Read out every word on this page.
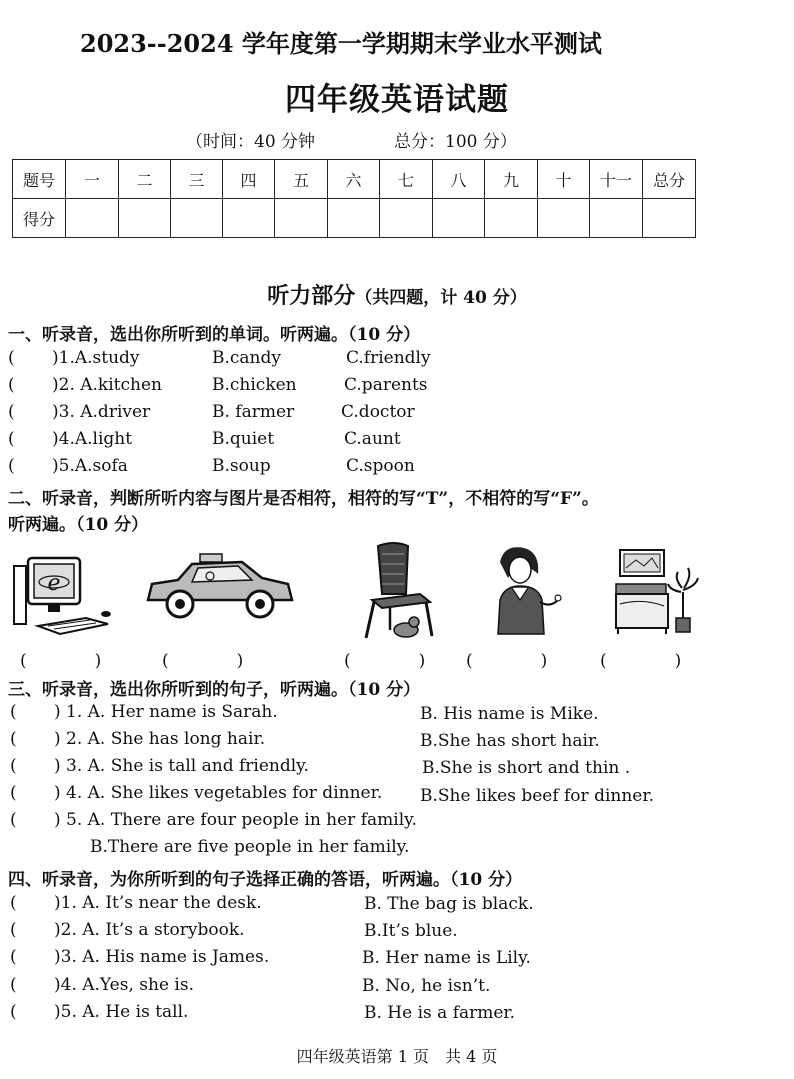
2023--2024 学年度第一学期期末学业水平测试
四年级英语试题
（时间：40 分钟	总分：100 分）
题号	一	二	三	四	五	六	七	八	九	十	十一	总分
得分												
听力部分（共四题，计 40 分）
一、听录音，选出你所听到的单词。听两遍。（10 分）
( )1.A.study	B.candy	C.friendly
( )2. A.kitchen	B.chicken	C.parents
( )3. A.driver	B. farmer	C.doctor
( )4.A.light	B.quiet	C.aunt
( )5.A.sofa	B.soup	C.spoon
二、听录音，判断所听内容与图片是否相符，相符的写“T”，不相符的写“F”。
听两遍。（10 分）
e
(　　　　)	(　　　　)	(　　　　) (　　　　)	(　　　　)
三、听录音，选出你所听到的句子，听两遍。（10 分）
( ) 1. A. Her name is Sarah.	B. His name is Mike.
( ) 2. A. She has long hair.	B.She has short hair.
( ) 3. A. She is tall and friendly.	B.She is short and thin .
( ) 4. A. She likes vegetables for dinner. B.She likes beef for dinner.
( ) 5. A. There are four people in her family.
B.There are five people in her family.
四、听录音，为你所听到的句子选择正确的答语，听两遍。（10 分）
( )1. A. It’s near the desk.	B. The bag is black.
( )2. A. It’s a storybook.	B.It’s blue.
( )3. A. His name is James.	B. Her name is Lily.
( )4. A.Yes, she is.	B. No, he isn’t.
( )5. A. He is tall.	B. He is a farmer.
四年级英语第 1 页　共 4 页
